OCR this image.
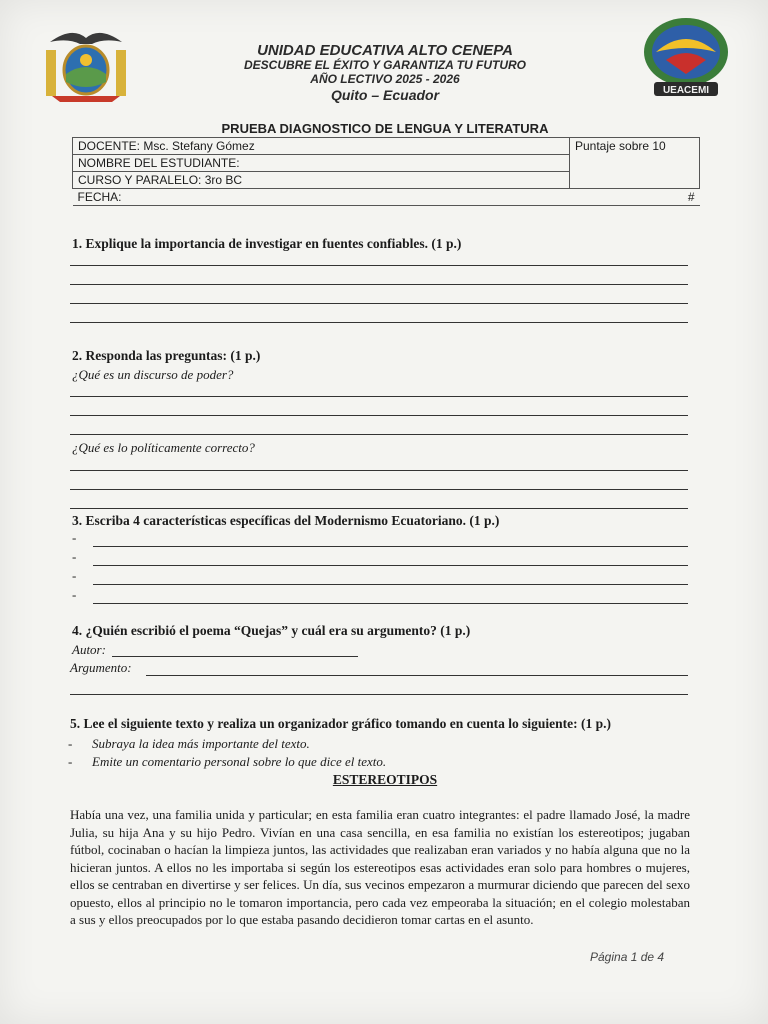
UEACEMI
UNIDAD EDUCATIVA ALTO CENEPA
DESCUBRE EL ÉXITO Y GARANTIZA TU FUTURO
AÑO LECTIVO 2025 - 2026
Quito – Ecuador
PRUEBA DIAGNOSTICO DE LENGUA Y LITERATURA
DOCENTE: Msc. Stefany Gómez	Puntaje sobre 10
NOMBRE DEL ESTUDIANTE:	
CURSO Y PARALELO: 3ro BC	
FECHA:	#
1. Explique la importancia de investigar en fuentes confiables. (1 p.)
2. Responda las preguntas: (1 p.)
¿Qué es un discurso de poder?
¿Qué es lo políticamente correcto?
3. Escriba 4 características específicas del Modernismo Ecuatoriano. (1 p.)
-
-
-
-
4. ¿Quién escribió el poema “Quejas” y cuál era su argumento? (1 p.)
Autor:
Argumento:
5. Lee el siguiente texto y realiza un organizador gráfico tomando en cuenta lo siguiente: (1 p.)
- Subraya la idea más importante del texto.
- Emite un comentario personal sobre lo que dice el texto.
ESTEREOTIPOS
Había una vez, una familia unida y particular; en esta familia eran cuatro integrantes: el padre llamado José, la madre Julia, su hija Ana y su hijo Pedro. Vivían en una casa sencilla, en esa familia no existían los estereotipos; jugaban fútbol, cocinaban o hacían la limpieza juntos, las actividades que realizaban eran variados y no había alguna que no la hicieran juntos. A ellos no les importaba si según los estereotipos esas actividades eran solo para hombres o mujeres, ellos se centraban en divertirse y ser felices. Un día, sus vecinos empezaron a murmurar diciendo que parecen del sexo opuesto, ellos al principio no le tomaron importancia, pero cada vez empeoraba la situación; en el colegio molestaban a sus y ellos preocupados por lo que estaba pasando decidieron tomar cartas en el asunto.
Página 1 de 4
